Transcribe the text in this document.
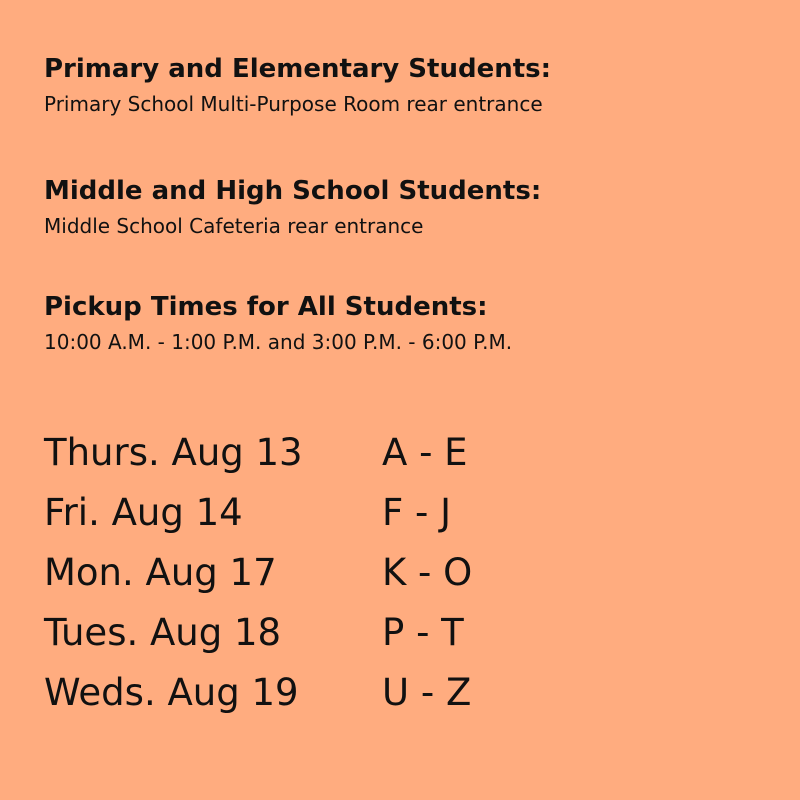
Primary and Elementary Students:
Primary School Multi-Purpose Room rear entrance
Middle and High School Students:
Middle School Cafeteria rear entrance
Pickup Times for All Students:
10:00 A.M. - 1:00 P.M. and 3:00 P.M. - 6:00 P.M.
Thurs. Aug 13 A - E
Fri. Aug 14	F - J
Mon. Aug 17	K - O
Tues. Aug 18	P - T
Weds. Aug 19 U - Z
